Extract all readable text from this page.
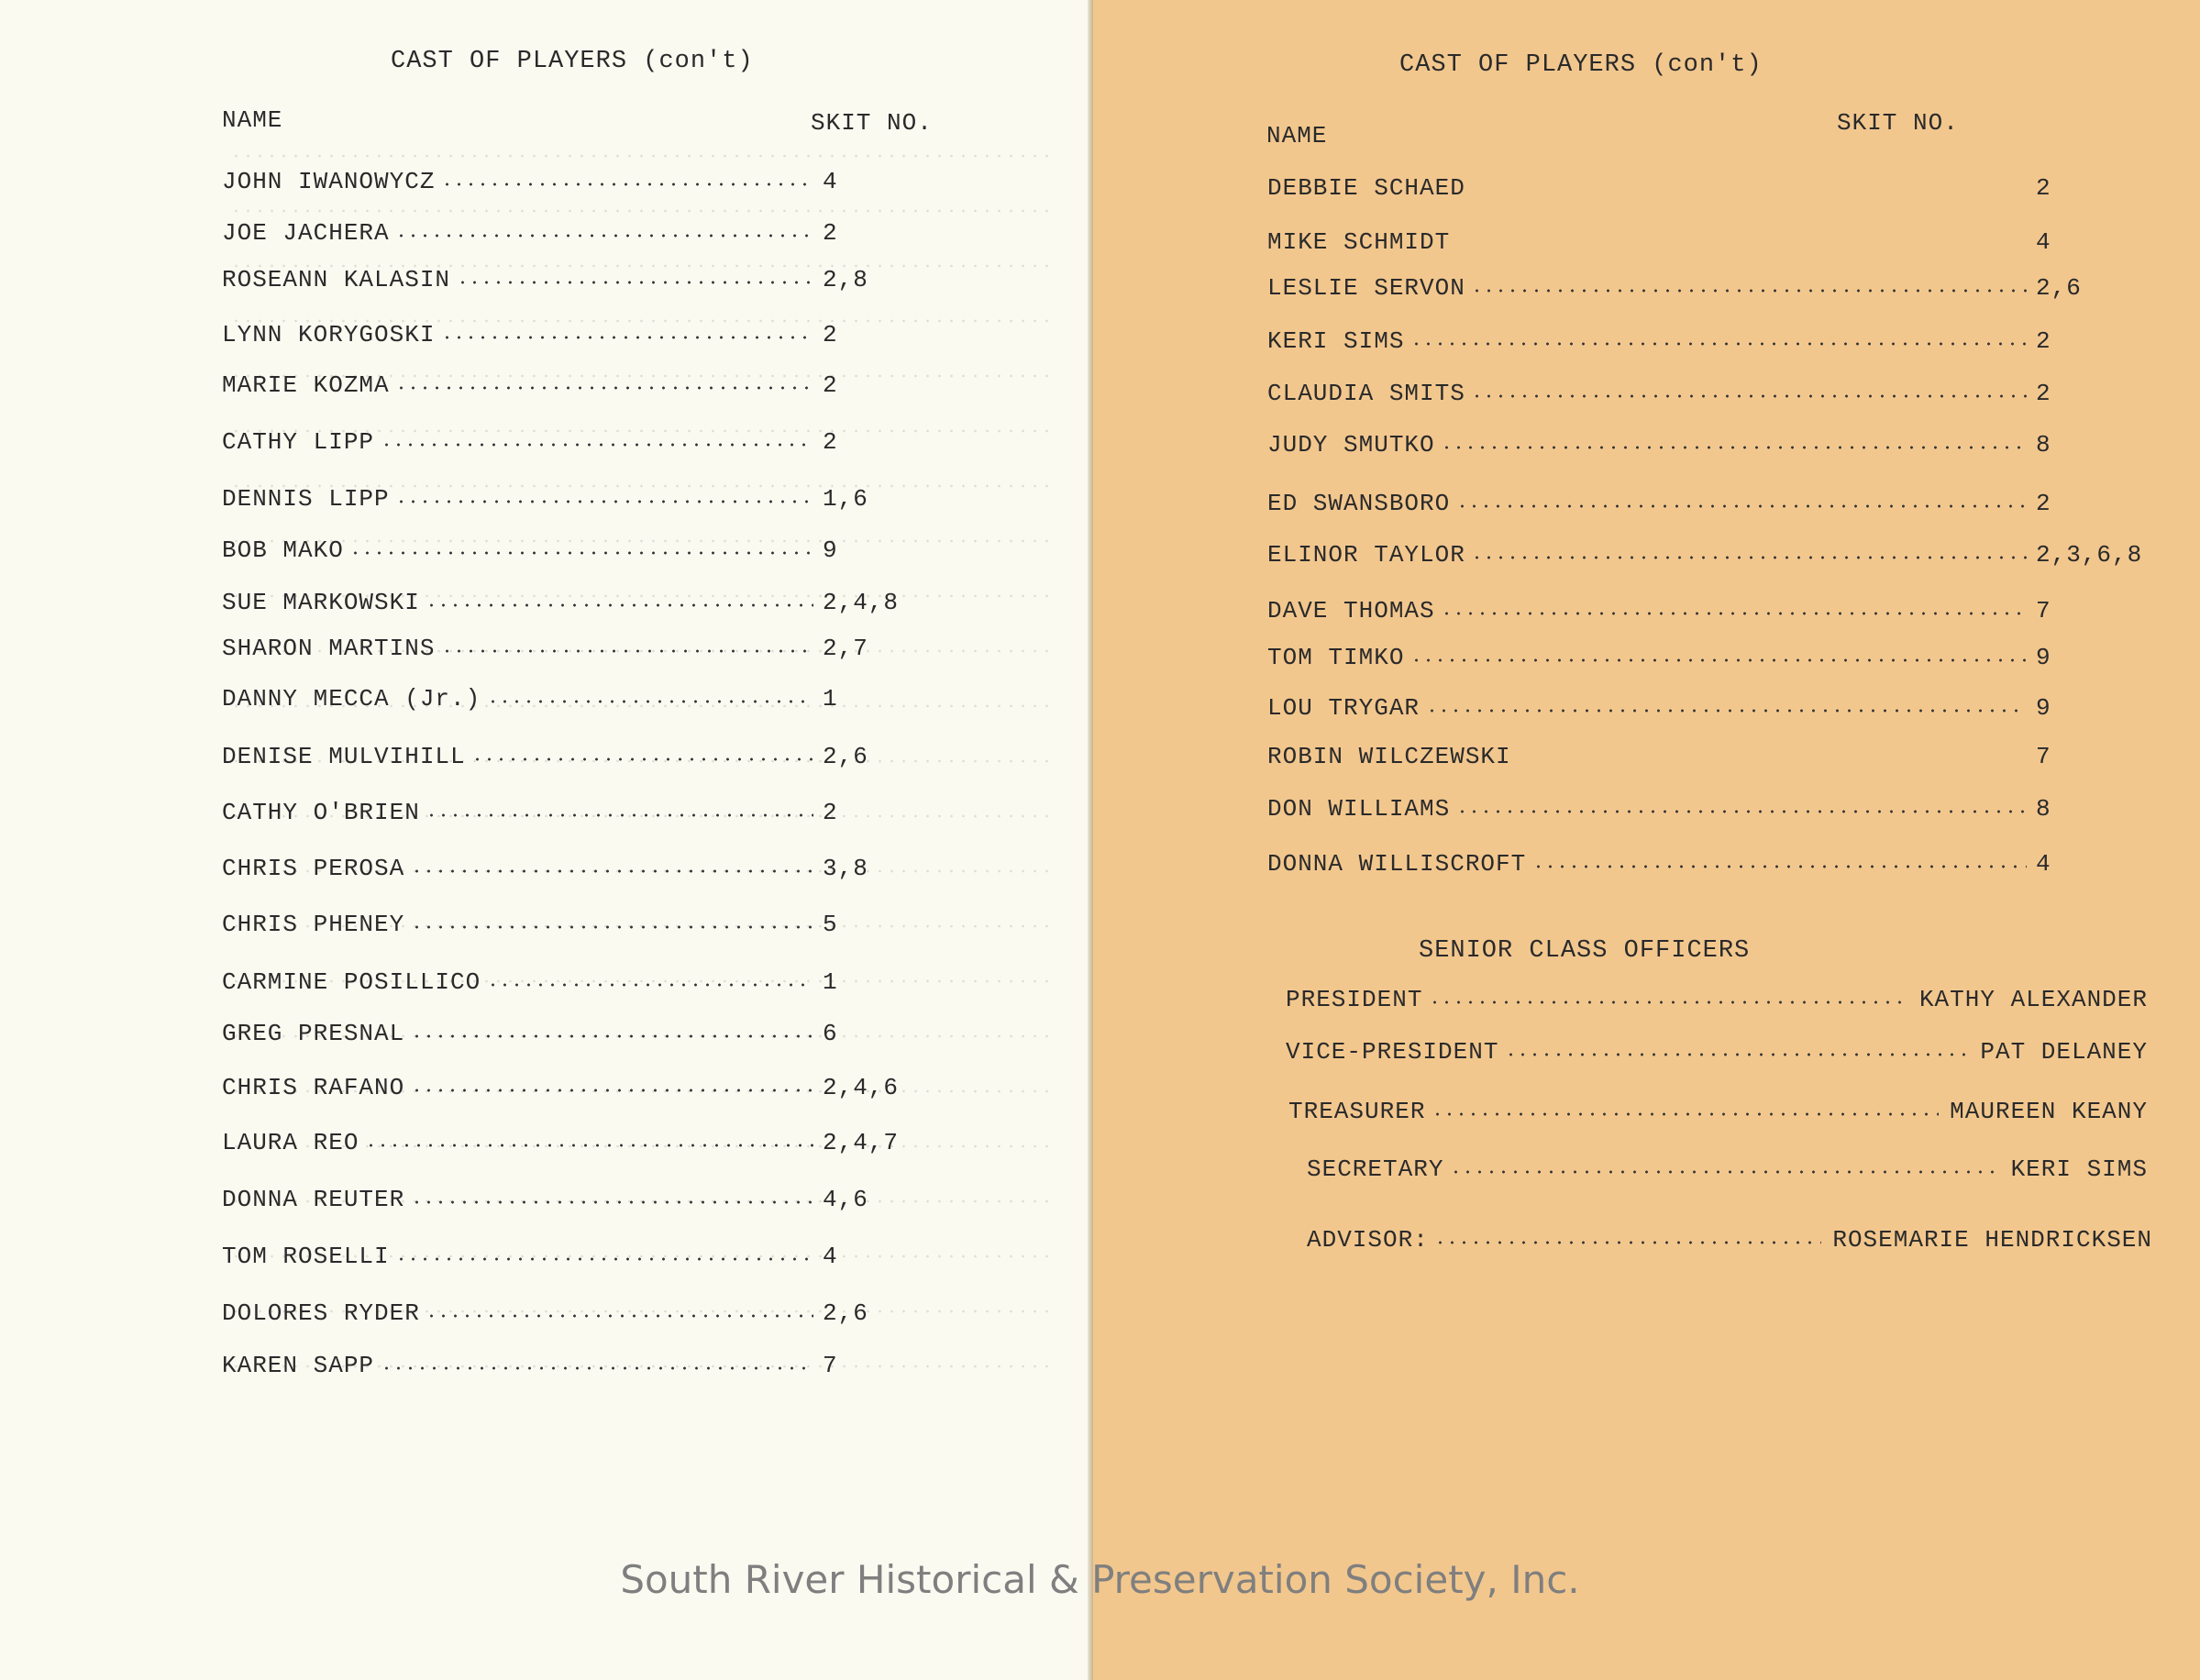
CAST OF PLAYERS (con't)
NAME	SKIT NO.
JOHN IWANOWYCZ	4
JOE JACHERA	2
ROSEANN KALASIN	2,8
LYNN KORYGOSKI	2
MARIE KOZMA	2
CATHY LIPP	2
DENNIS LIPP	1,6
BOB MAKO	9
SUE MARKOWSKI	2,4,8
SHARON MARTINS	2,7
DANNY MECCA (Jr.)	1
DENISE MULVIHILL	2,6
CATHY O'BRIEN	2
CHRIS PEROSA	3,8
CHRIS PHENEY	5
CARMINE POSILLICO	1
GREG PRESNAL	6
CHRIS RAFANO	2,4,6
LAURA REO	2,4,7
DONNA REUTER	4,6
TOM ROSELLI	4
DOLORES RYDER	2,6
KAREN SAPP	7
CAST OF PLAYERS (con't)
NAME	SKIT NO.
DEBBIE SCHAED	2
MIKE SCHMIDT	4
LESLIE SERVON	2,6
KERI SIMS	2
CLAUDIA SMITS	2
JUDY SMUTKO	8
ED SWANSBORO	2
ELINOR TAYLOR	2,3,6,8
DAVE THOMAS	7
TOM TIMKO	9
LOU TRYGAR	9
ROBIN WILCZEWSKI	7
DON WILLIAMS	8
DONNA WILLISCROFT	4
SENIOR CLASS OFFICERS
PRESIDENT	KATHY ALEXANDER
VICE-PRESIDENT	PAT DELANEY
TREASURER	MAUREEN KEANY
SECRETARY	KERI SIMS
ADVISOR:	ROSEMARIE HENDRICKSEN
South River Historical & Preservation Society, Inc.
